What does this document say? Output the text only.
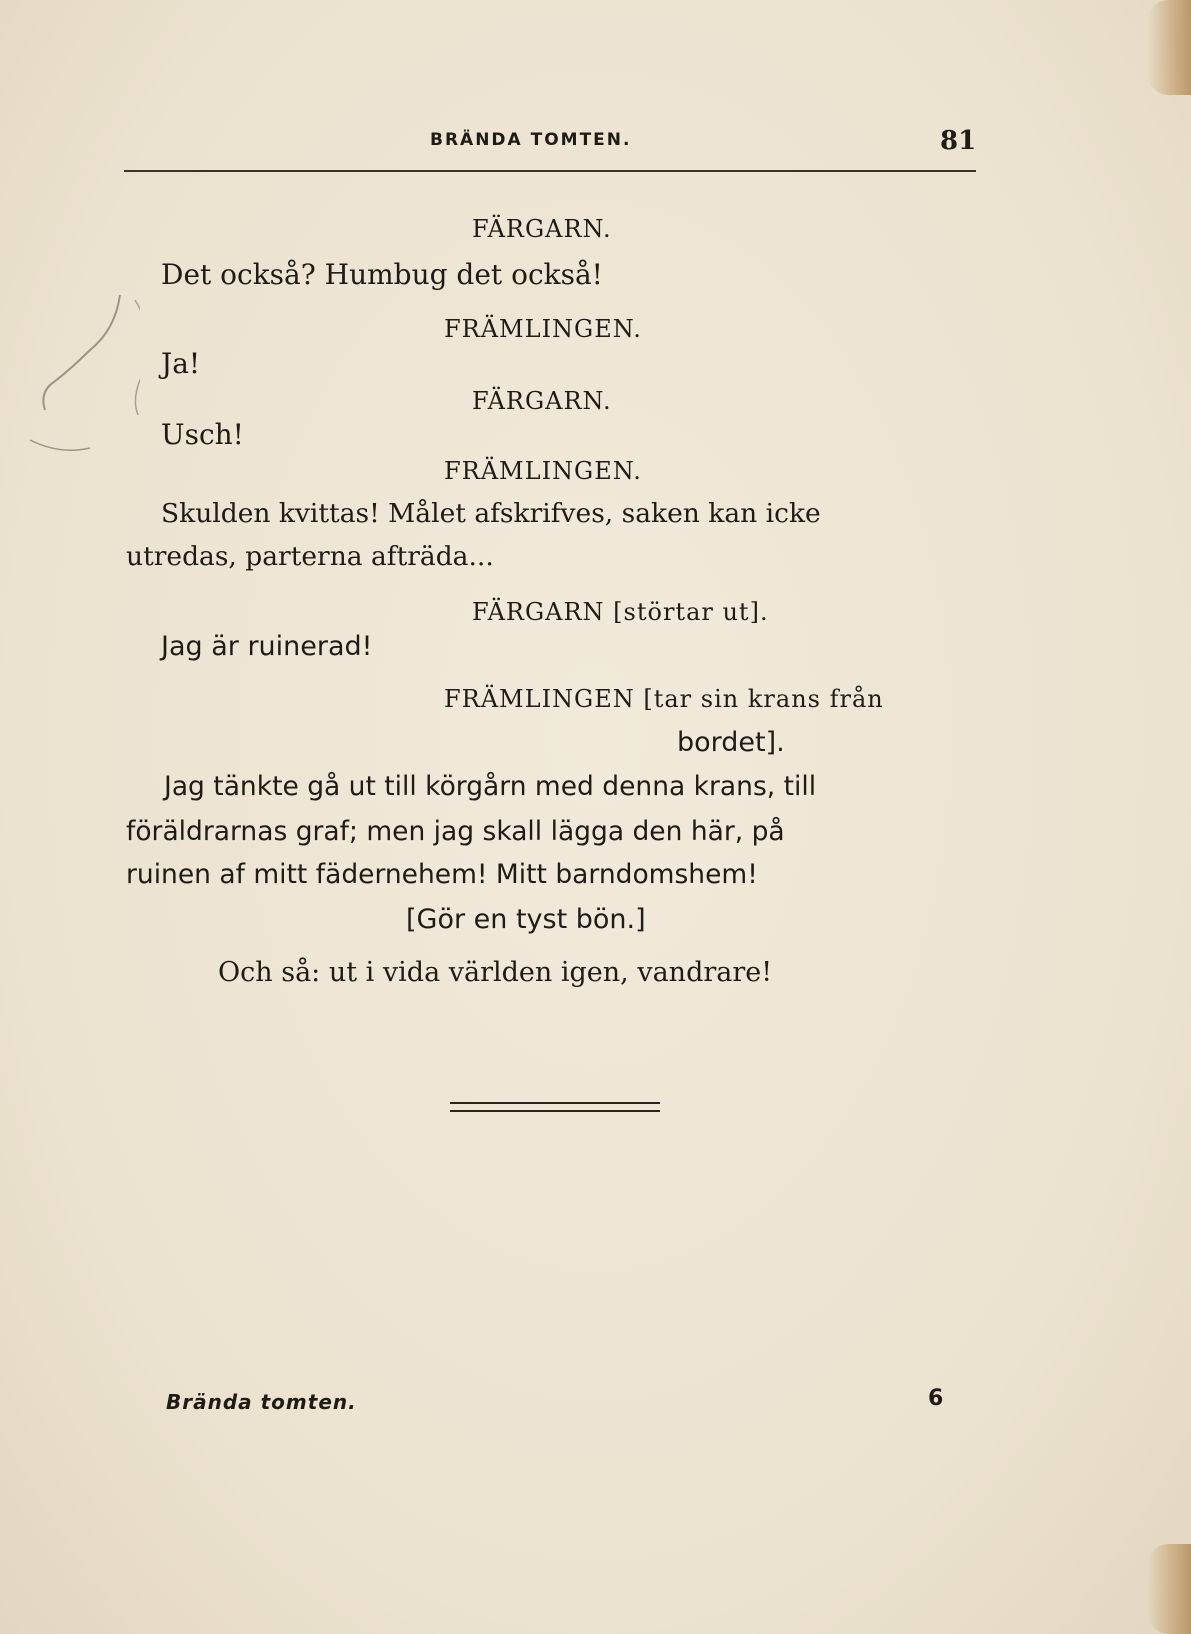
BRÄNDA TOMTEN.	81
FÄRGARN.
Det också? Humbug det också!
FRÄMLINGEN.
Ja!
FÄRGARN.
Usch!
FRÄMLINGEN.
Skulden kvittas! Målet afskrifves, saken kan icke
utredas, parterna afträda...
FÄRGARN [störtar ut].
Jag är ruinerad!
FRÄMLINGEN [tar sin krans från
bordet].
Jag tänkte gå ut till körgårn med denna krans, till
föräldrarnas graf; men jag skall lägga den här, på
ruinen af mitt fädernehem! Mitt barndomshem!
[Gör en tyst bön.]
Och så: ut i vida världen igen, vandrare!
Brända tomten.	6
